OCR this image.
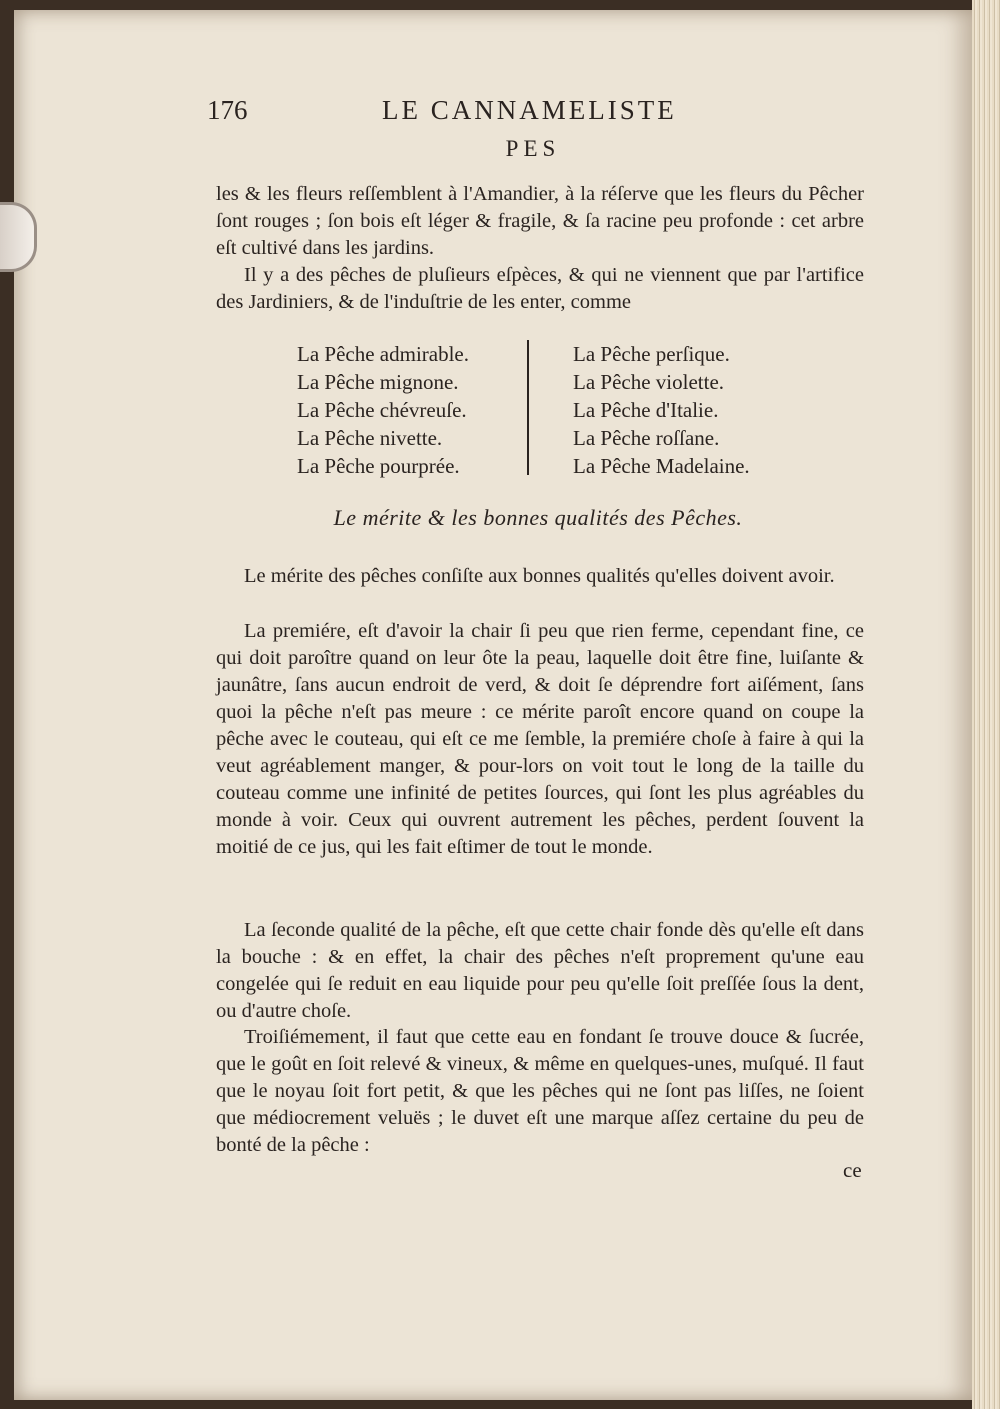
176	LE CANNAMELISTE
PES

les & les fleurs reſſemblent à l'Amandier, à la réſerve que les fleurs du Pêcher ſont rouges ; ſon bois eſt léger & fragile, & ſa racine peu profonde : cet arbre eſt cultivé dans les jardins.

Il y a des pêches de pluſieurs eſpèces, & qui ne viennent que par l'artifice des Jardiniers, & de l'induſtrie de les enter, comme

La Pêche admirable.
La Pêche mignone.
La Pêche chévreuſe.
La Pêche nivette.
La Pêche pourprée.
La Pêche perſique.
La Pêche violette.
La Pêche d'Italie.
La Pêche roſſane.
La Pêche Madelaine.
Le mérite & les bonnes qualités des Pêches.

Le mérite des pêches conſiſte aux bonnes qualités qu'elles doivent avoir.

La premiére, eſt d'avoir la chair ſi peu que rien ferme, cependant fine, ce qui doit paroître quand on leur ôte la peau, laquelle doit être fine, luiſante & jaunâtre, ſans aucun endroit de verd, & doit ſe déprendre fort aiſément, ſans quoi la pêche n'eſt pas meure : ce mérite paroît encore quand on coupe la pêche avec le couteau, qui eſt ce me ſemble, la premiére choſe à faire à qui la veut agréablement manger, & pour-lors on voit tout le long de la taille du couteau comme une infinité de petites ſources, qui ſont les plus agréables du monde à voir. Ceux qui ouvrent autrement les pêches, perdent ſouvent la moitié de ce jus, qui les fait eſtimer de tout le monde.

La ſeconde qualité de la pêche, eſt que cette chair fonde dès qu'elle eſt dans la bouche : & en effet, la chair des pêches n'eſt proprement qu'une eau congelée qui ſe reduit en eau liquide pour peu qu'elle ſoit preſſée ſous la dent, ou d'autre choſe.

Troiſiémement, il faut que cette eau en fondant ſe trouve douce & ſucrée, que le goût en ſoit relevé & vineux, & même en quelques-unes, muſqué. Il faut que le noyau ſoit fort petit, & que les pêches qui ne ſont pas liſſes, ne ſoient que médiocrement veluës ; le duvet eſt une marque aſſez certaine du peu de bonté de la pêche :

ce
